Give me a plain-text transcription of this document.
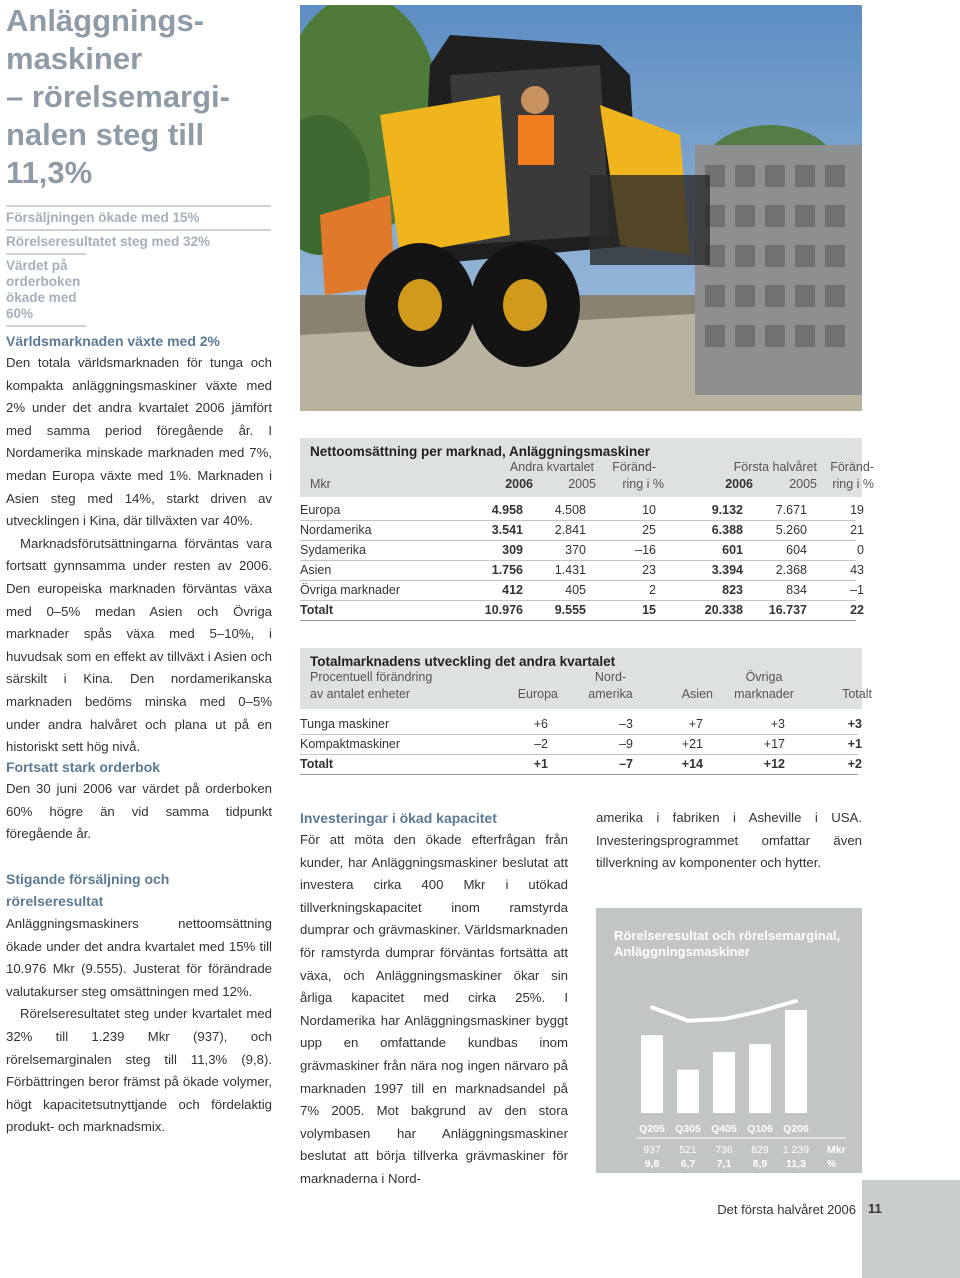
Anläggnings-
maskiner
– rörelsemargi-
nalen steg till
11,3%
Försäljningen ökade med 15%
Rörelseresultatet steg med 32%
Värdet på orderboken ökade med 60%
Världsmarknaden växte med 2%

Den totala världsmarknaden för tunga och kompakta anläggningsmaskiner växte med 2% under det andra kvartalet 2006 jämfört med samma period föregående år. I Nordamerika minskade marknaden med 7%, medan Europa växte med 1%. Marknaden i Asien steg med 14%, starkt driven av utvecklingen i Kina, där tillväxten var 40%.

Marknadsförutsättningarna förväntas vara fortsatt gynnsamma under resten av 2006. Den europeiska marknaden förväntas växa med 0–5% medan Asien och Övriga marknader spås växa med 5–10%, i huvudsak som en effekt av tillväxt i Asien och särskilt i Kina. Den nordamerikanska marknaden bedöms minska med 0–5% under andra halvåret och plana ut på en historiskt sett hög nivå.

Fortsatt stark orderbok

Den 30 juni 2006 var värdet på orderboken 60% högre än vid samma tidpunkt föregående år.

Stigande försäljning och rörelseresultat

Anläggningsmaskiners nettoomsättning ökade under det andra kvartalet med 15% till 10.976 Mkr (9.555). Justerat för förändrade valutakurser steg omsättningen med 12%.

Rörelseresultatet steg under kvartalet med 32% till 1.239 Mkr (937), och rörelsemarginalen steg till 11,3% (9,8). Förbättringen beror främst på ökade volymer, högt kapacitetsutnyttjande och fördelaktig produkt- och marknadsmix.

Nettoomsättning per marknad, Anläggningsmaskiner

Andra kvartalet	Föränd-	Första halvåret	Föränd-
Mkr	2006	2005	ring i %	2006	2005	ring i %
Europa	4.958	4.508	10	9.132	7.671	19
Nordamerika	3.541	2.841	25	6.388	5.260	21
Sydamerika	309	370	–16	601	604	0
Asien	1.756	1.431	23	3.394	2.368	43
Övriga marknader	412	405	2	823	834	–1
Totalt	10.976	9.555	15	20.338	16.737	22

Totalmarknadens utveckling det andra kvartalet

Procentuell förändring	Nord-	Övriga
av antalet enheter	Europa	amerika	Asien	marknader	Totalt
Tunga maskiner	+6	–3	+7	+3	+3
Kompaktmaskiner	–2	–9	+21	+17	+1
Totalt	+1	–7	+14	+12	+2
Investeringar i ökad kapacitet

För att möta den ökade efterfrågan från kunder, har Anläggningsmaskiner beslutat att investera cirka 400 Mkr i utökad tillverkningskapacitet inom ramstyrda dumprar och grävmaskiner. Världsmarknaden för ramstyrda dumprar förväntas fortsätta att växa, och Anläggningsmaskiner ökar sin årliga kapacitet med cirka 25%. I Nordamerika har Anläggningsmaskiner byggt upp en omfattande kundbas inom grävmaskiner från nära nog ingen närvaro på marknaden 1997 till en marknadsandel på 7% 2005. Mot bakgrund av den stora volymbasen har Anläggningsmaskiner beslutat att börja tillverka grävmaskiner för marknaderna i Nord-

amerika i fabriken i Asheville i USA. Investeringsprogrammet omfattar även tillverkning av komponenter och hytter.

Rörelseresultat och rörelsemarginal, Anläggningsmaskiner
Q205 Q305 Q405 Q106 Q206
937 521 736 829 1.239
9,8 6,7 7,1 8,9 11,3
Mkr
%
Det första halvåret 2006 11
